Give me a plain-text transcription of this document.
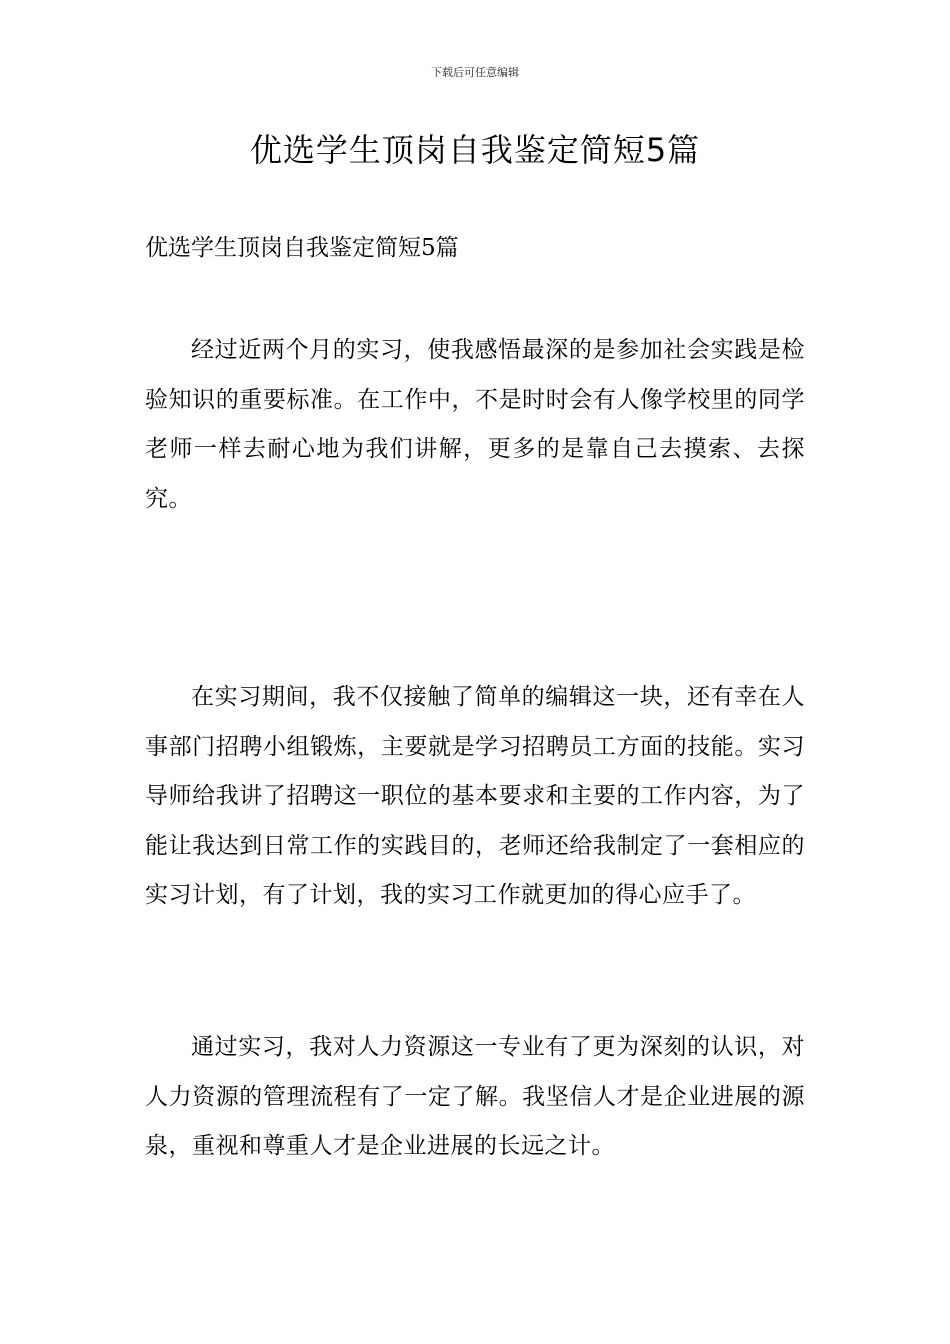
下载后可任意编辑
优选学生顶岗自我鉴定简短5篇

优选学生顶岗自我鉴定简短5篇

经过近两个月的实习，使我感悟最深的是参加社会实践是检验知识的重要标准。在工作中，不是时时会有人像学校里的同学老师一样去耐心地为我们讲解，更多的是靠自己去摸索、去探究。

在实习期间，我不仅接触了简单的编辑这一块，还有幸在人事部门招聘小组锻炼，主要就是学习招聘员工方面的技能。实习导师给我讲了招聘这一职位的基本要求和主要的工作内容，为了能让我达到日常工作的实践目的，老师还给我制定了一套相应的实习计划，有了计划，我的实习工作就更加的得心应手了。

通过实习，我对人力资源这一专业有了更为深刻的认识，对人力资源的管理流程有了一定了解。我坚信人才是企业进展的源泉，重视和尊重人才是企业进展的长远之计。
